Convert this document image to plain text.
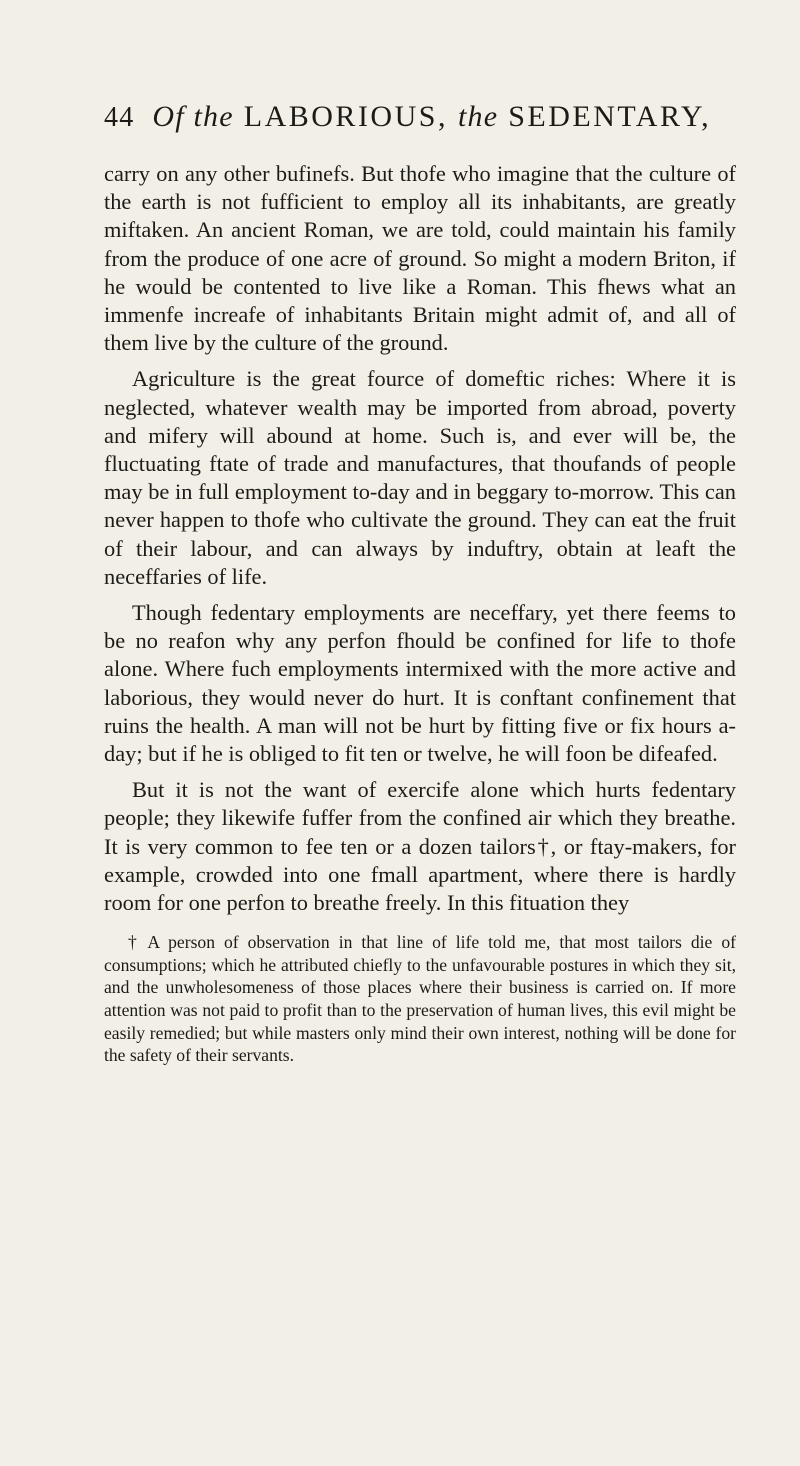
44 Of the LABORIOUS, the SEDENTARY,

carry on any other bufinefs. But thofe who imagine that the culture of the earth is not fufficient to employ all its inhabitants, are greatly miftaken. An ancient Roman, we are told, could maintain his family from the produce of one acre of ground. So might a modern Briton, if he would be contented to live like a Roman. This fhews what an immenfe increafe of inhabitants Britain might admit of, and all of them live by the culture of the ground.

Agriculture is the great fource of domeftic riches: Where it is neglected, whatever wealth may be imported from abroad, poverty and mifery will abound at home. Such is, and ever will be, the fluctuating ftate of trade and manufactures, that thoufands of people may be in full employment to-day and in beggary to-morrow. This can never happen to thofe who cultivate the ground. They can eat the fruit of their labour, and can always by induftry, obtain at leaft the neceffaries of life.

Though fedentary employments are neceffary, yet there feems to be no reafon why any perfon fhould be confined for life to thofe alone. Where fuch employments intermixed with the more active and laborious, they would never do hurt. It is conftant confinement that ruins the health. A man will not be hurt by fitting five or fix hours a-day; but if he is obliged to fit ten or twelve, he will foon be difeafed.

But it is not the want of exercife alone which hurts fedentary people; they likewife fuffer from the confined air which they breathe. It is very common to fee ten or a dozen tailors†, or ftay-makers, for example, crowded into one fmall apartment, where there is hardly room for one perfon to breathe freely. In this fituation they

† A person of observation in that line of life told me, that most tailors die of consumptions; which he attributed chiefly to the unfavourable postures in which they sit, and the unwholesomeness of those places where their business is carried on. If more attention was not paid to profit than to the preservation of human lives, this evil might be easily remedied; but while masters only mind their own interest, nothing will be done for the safety of their servants.
